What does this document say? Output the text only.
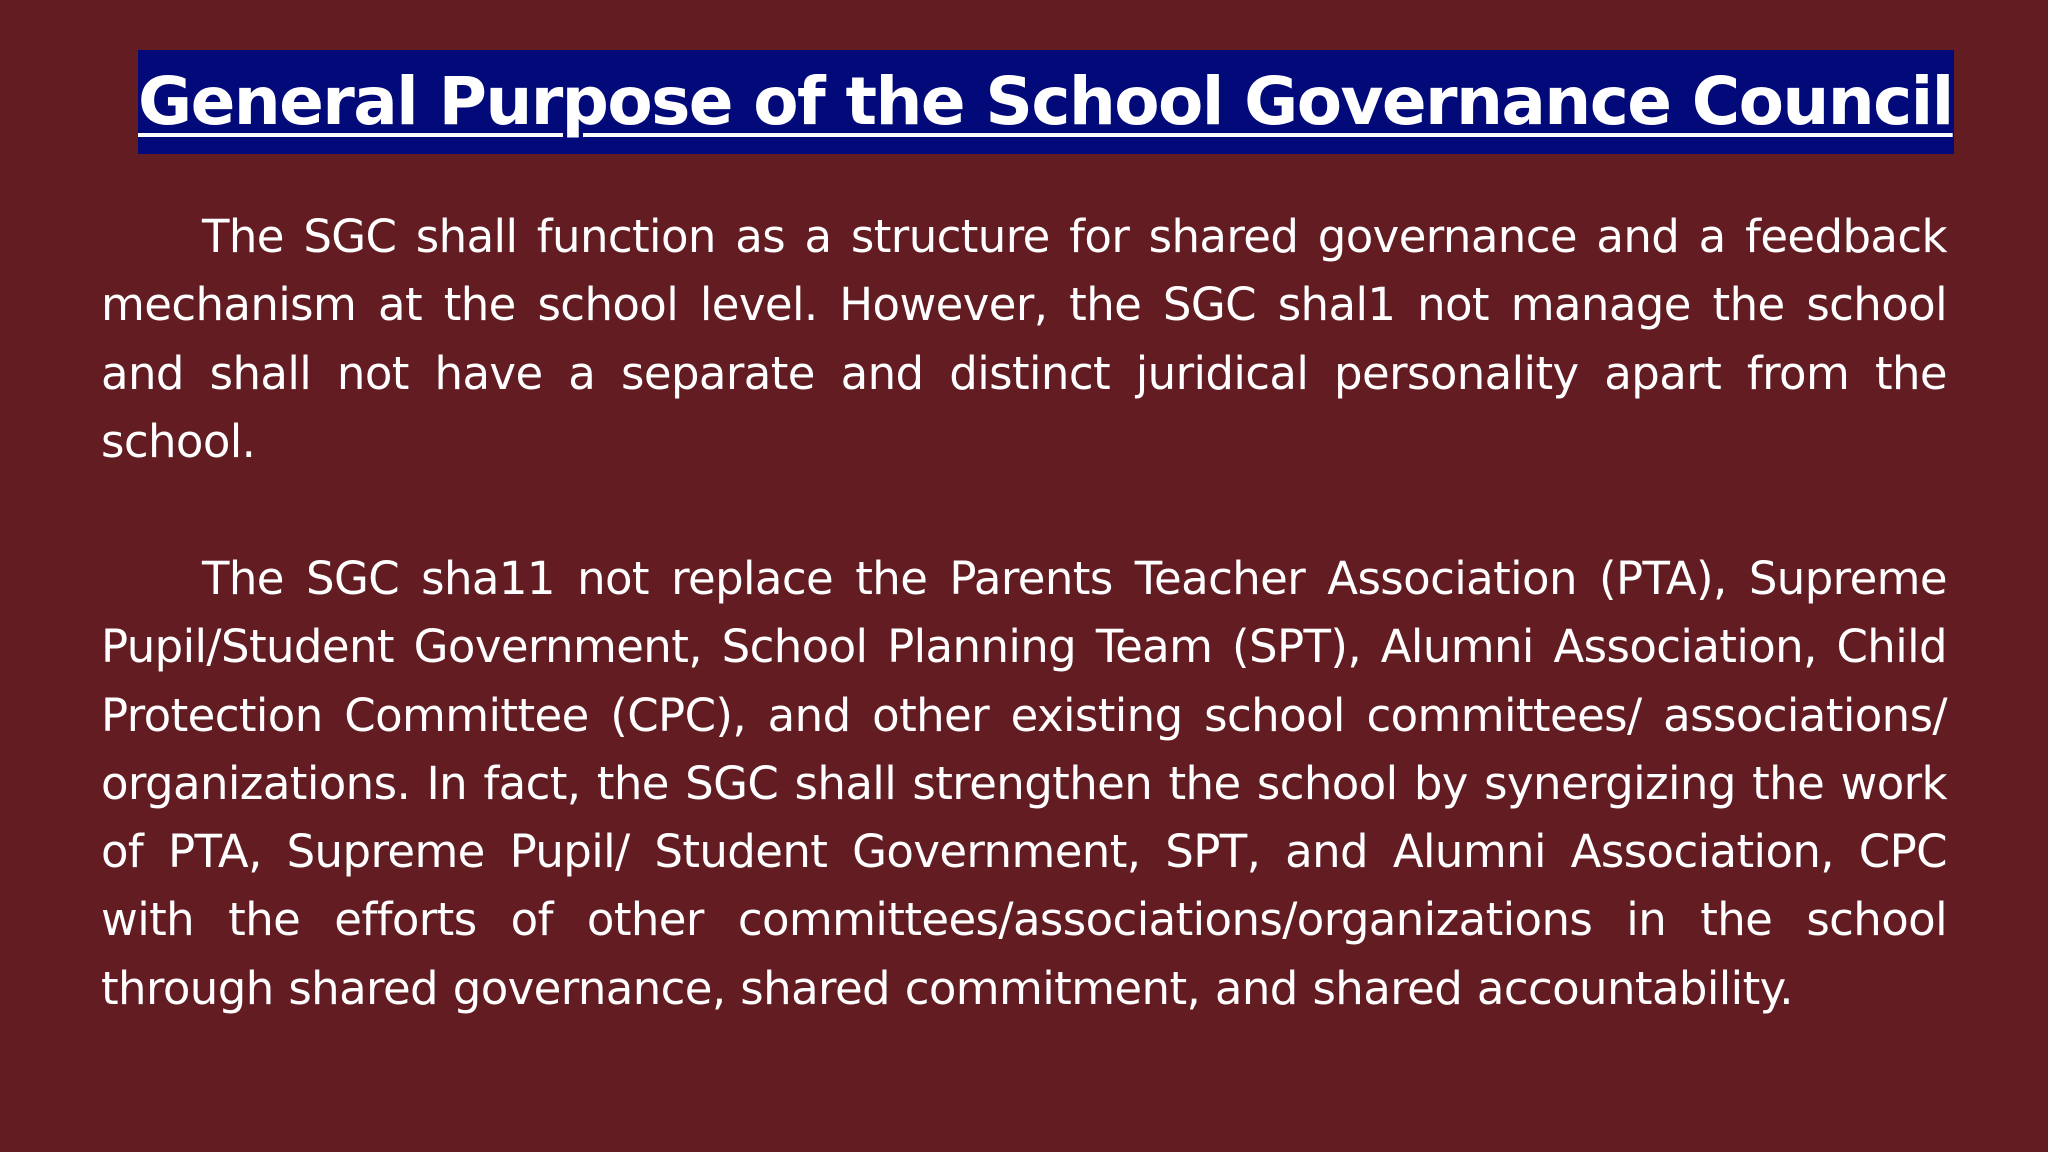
General Purpose of the School Governance Council

The SGC shall function as a structure for shared governance and a feedback mechanism at the school level. However, the SGC shal1 not manage the school and shall not have a separate and distinct juridical personality apart from the school.

The SGC sha11 not replace the Parents Teacher Association (PTA), Supreme Pupil/Student Government, School Planning Team (SPT), Alumni Association, Child Protection Committee (CPC), and other existing school committees/ associations/ organizations. In fact, the SGC shall strengthen the school by synergizing the work of PTA, Supreme Pupil/ Student Government, SPT, and Alumni Association, CPC with the efforts of other committees/associations/organizations in the school through shared governance, shared commitment, and shared accountability.
